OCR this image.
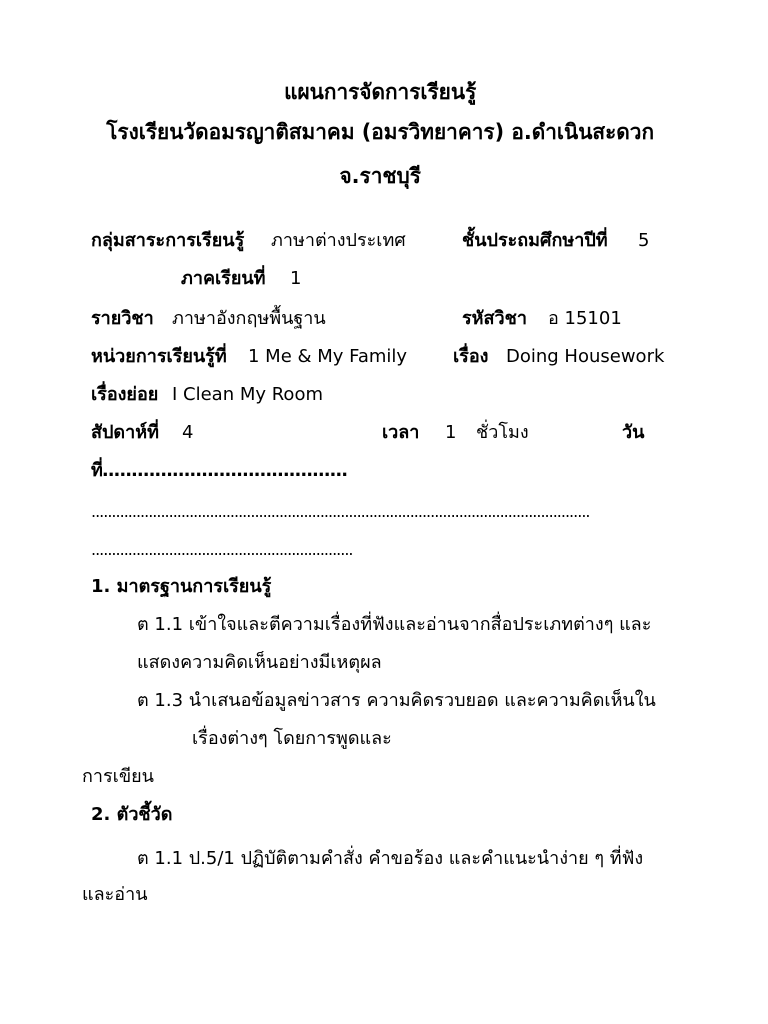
แผนการจัดการเรียนรู้
โรงเรียนวัดอมรญาติสมาคม (อมรวิทยาคาร) อ.ดำเนินสะดวก
จ.ราชบุรี
กลุ่มสาระการเรียนรู้ ภาษาต่างประเทศ	ชั้นประถมศึกษาปีที่ 5
ภาคเรียนที่ 1
รายวิชา ภาษาอังกฤษพื้นฐาน	รหัสวิชา อ 15101
หน่วยการเรียนรู้ที่ 1 Me & My Family	เรื่อง Doing Housework
เรื่องย่อย I Clean My Room
สัปดาห์ที่ 4	เวลา 1 ชั่วโมง	วัน
ที่..........................................
..........................................................................................................................
................................................................
1. มาตรฐานการเรียนรู้
ต 1.1 เข้าใจและตีความเรื่องที่ฟังและอ่านจากสื่อประเภทต่างๆ และ
แสดงความคิดเห็นอย่างมีเหตุผล
ต 1.3 นำเสนอข้อมูลข่าวสาร ความคิดรวบยอด และความคิดเห็นใน
เรื่องต่างๆ โดยการพูดและ
การเขียน
2. ตัวชี้วัด
ต 1.1 ป.5/1 ปฏิบัติตามคำสั่ง คำขอร้อง และคำแนะนำง่าย ๆ ที่ฟัง
และอ่าน
